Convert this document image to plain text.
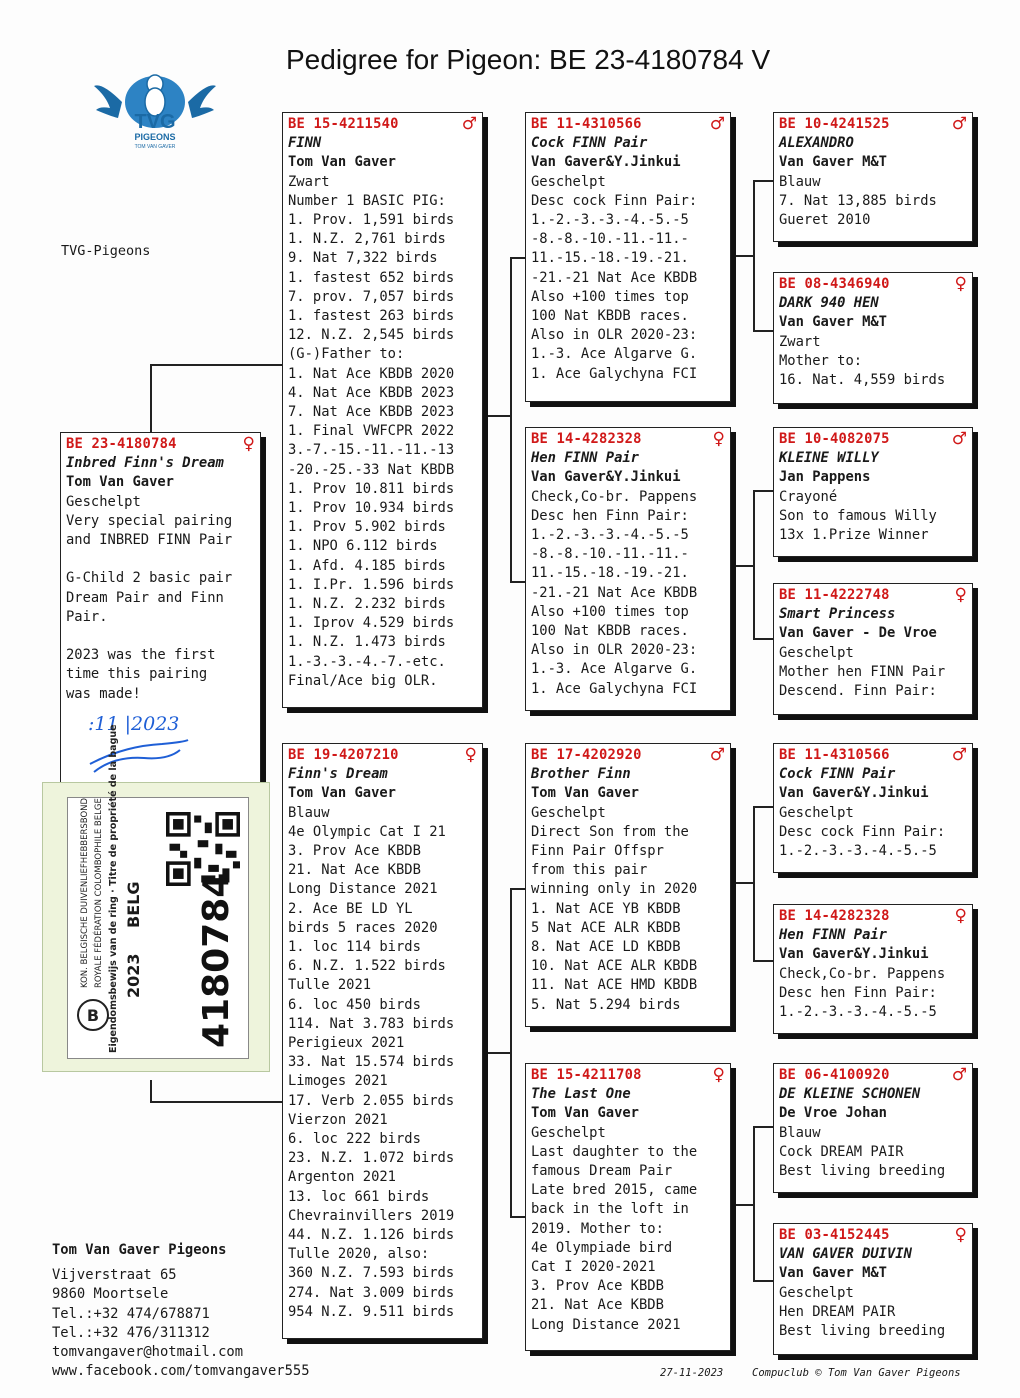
Pedigree for Pigeon: BE 23-4180784 V
TVG
PIGEONS
TOM VAN GAVER
TVG-Pigeons
BE 23-4180784	♀
Inbred Finn's Dream
Tom Van Gaver
Geschelpt
Very special pairing
and INBRED FINN Pair
G-Child 2 basic pair
Dream Pair and Finn
Pair.
2023 was the first
time this pairing
was made!
:11 |2023
BE 15-4211540	♂
FINN
Tom Van Gaver
Zwart
Number 1 BASIC PIG:
1. Prov. 1,591 birds
1. N.Z. 2,761 birds
9. Nat 7,322 birds
1. fastest 652 birds
7. prov. 7,057 birds
1. fastest 263 birds
12. N.Z. 2,545 birds
(G-)Father to:
1. Nat Ace KBDB 2020
4. Nat Ace KBDB 2023
7. Nat Ace KBDB 2023
1. Final VWFCPR 2022
3.-7.-15.-11.-11.-13
-20.-25.-33 Nat KBDB
1. Prov 10.811 birds
1. Prov 10.934 birds
1. Prov 5.902 birds
1. NPO 6.112 birds
1. Afd. 4.185 birds
1. I.Pr. 1.596 birds
1. N.Z. 2.232 birds
1. Iprov 4.529 birds
1. N.Z. 1.473 birds
1.-3.-3.-4.-7.-etc.
Final/Ace big OLR.
BE 19-4207210	♀
Finn's Dream
Tom Van Gaver
Blauw
4e Olympic Cat I 21
3. Prov Ace KBDB
21. Nat Ace KBDB
Long Distance 2021
2. Ace BE LD YL
birds 5 races 2020
1. loc 114 birds
6. N.Z. 1.522 birds
Tulle 2021
6. loc 450 birds
114. Nat 3.783 birds
Perigieux 2021
33. Nat 15.574 birds
Limoges 2021
17. Verb 2.055 birds
Vierzon 2021
6. loc 222 birds
23. N.Z. 1.072 birds
Argenton 2021
13. loc 661 birds
Chevrainvillers 2019
44. N.Z. 1.126 birds
Tulle 2020, also:
360 N.Z. 7.593 birds
274. Nat 3.009 birds
954 N.Z. 9.511 birds
BE 11-4310566	♂
Cock FINN Pair
Van Gaver&Y.Jinkui
Geschelpt
Desc cock Finn Pair:
1.-2.-3.-3.-4.-5.-5
-8.-8.-10.-11.-11.-
11.-15.-18.-19.-21.
-21.-21 Nat Ace KBDB
Also +100 times top
100 Nat KBDB races.
Also in OLR 2020-23:
1.-3. Ace Algarve G.
1. Ace Galychyna FCI
BE 14-4282328	♀
Hen FINN Pair
Van Gaver&Y.Jinkui
Check,Co-br. Pappens
Desc hen Finn Pair:
1.-2.-3.-3.-4.-5.-5
-8.-8.-10.-11.-11.-
11.-15.-18.-19.-21.
-21.-21 Nat Ace KBDB
Also +100 times top
100 Nat KBDB races.
Also in OLR 2020-23:
1.-3. Ace Algarve G.
1. Ace Galychyna FCI
BE 17-4202920	♂
Brother Finn
Tom Van Gaver
Geschelpt
Direct Son from the
Finn Pair Offspr
from this pair
winning only in 2020
1. Nat ACE YB KBDB
5 Nat ACE ALR KBDB
8. Nat ACE LD KBDB
10. Nat ACE ALR KBDB
11. Nat ACE HMD KBDB
5. Nat 5.294 birds
BE 15-4211708	♀
The Last One
Tom Van Gaver
Geschelpt
Last daughter to the
famous Dream Pair
Late bred 2015, came
back in the loft in
2019. Mother to:
4e Olympiade bird
Cat I 2020-2021
3. Prov Ace KBDB
21. Nat Ace KBDB
Long Distance 2021
BE 10-4241525	♂
ALEXANDRO
Van Gaver M&T
Blauw
7. Nat 13,885 birds
Gueret 2010
BE 08-4346940	♀
DARK 940 HEN
Van Gaver M&T
Zwart
Mother to:
16. Nat. 4,559 birds
BE 10-4082075	♂
KLEINE WILLY
Jan Pappens
Crayoné
Son to famous Willy
13x 1.Prize Winner
BE 11-4222748	♀
Smart Princess
Van Gaver - De Vroe
Geschelpt
Mother hen FINN Pair
Descend. Finn Pair:
BE 11-4310566	♂
Cock FINN Pair
Van Gaver&Y.Jinkui
Geschelpt
Desc cock Finn Pair:
1.-2.-3.-3.-4.-5.-5
BE 14-4282328	♀
Hen FINN Pair
Van Gaver&Y.Jinkui
Check,Co-br. Pappens
Desc hen Finn Pair:
1.-2.-3.-3.-4.-5.-5
BE 06-4100920	♂
DE KLEINE SCHONEN
De Vroe Johan
Blauw
Cock DREAM PAIR
Best living breeding
BE 03-4152445	♀
VAN GAVER DUIVIN
Van Gaver M&T
Geschelpt
Hen DREAM PAIR
Best living breeding
B
KON. BELGISCHE DUIVENLIEFHEBBERSBOND ROYALE FÉDÉRATION COLOMBOPHILE BELGE Eigendomsbewijs van de ring · Titre de propriété de la bague 2023
BELG 4180784
Tom Van Gaver Pigeons
Vijverstraat 65
9860 Moortsele
Tel.:+32 474/678871
Tel.:+32 476/311312
tomvangaver@hotmail.com
www.facebook.com/tomvangaver555	27-11-2023	Compuclub © Tom Van Gaver Pigeons
